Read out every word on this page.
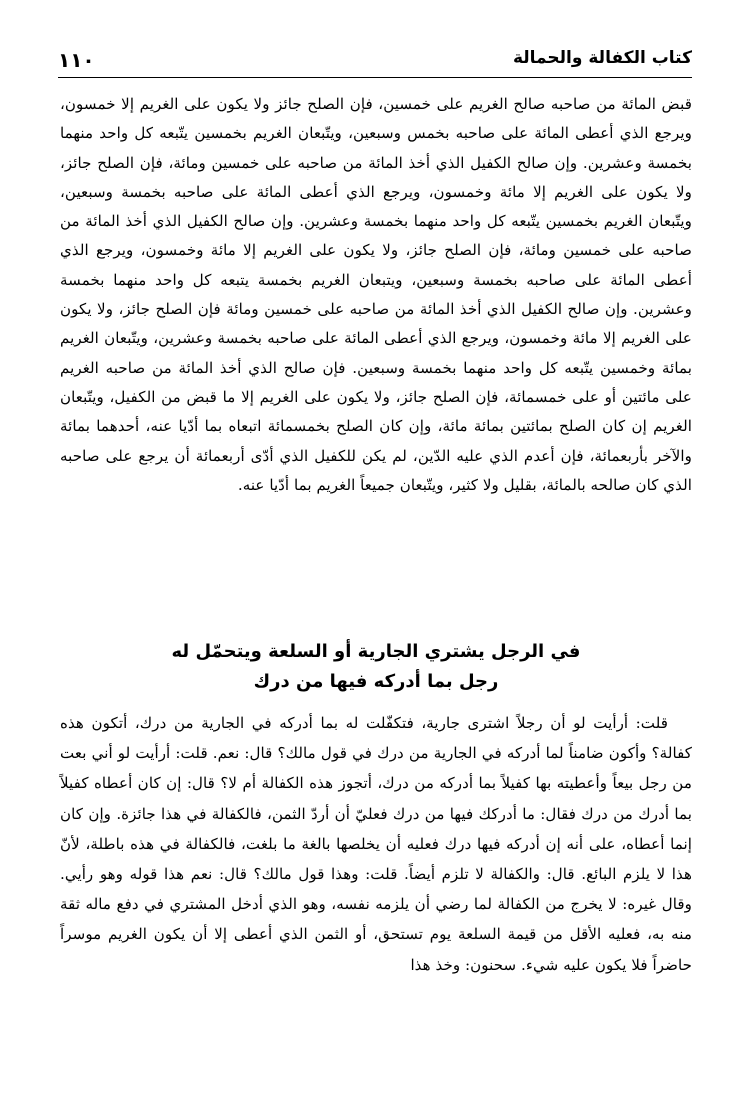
كتاب الكفالة والحمالة
١١٠

قبض المائة من صاحبه صالح الغريم على خمسين، فإن الصلح جائز ولا يكون على الغريم إلا خمسون، ويرجع الذي أعطى المائة على صاحبه بخمس وسبعين، ويتّبعان الغريم بخمسين يتّبعه كل واحد منهما بخمسة وعشرين. وإن صالح الكفيل الذي أخذ المائة من صاحبه على خمسين ومائة، فإن الصلح جائز، ولا يكون على الغريم إلا مائة وخمسون، ويرجع الذي أعطى المائة على صاحبه بخمسة وسبعين، ويتّبعان الغريم بخمسين يتّبعه كل واحد منهما بخمسة وعشرين. وإن صالح الكفيل الذي أخذ المائة من صاحبه على خمسين ومائة، فإن الصلح جائز، ولا يكون على الغريم إلا مائة وخمسون، ويرجع الذي أعطى المائة على صاحبه بخمسة وسبعين، ويتبعان الغريم بخمسة يتبعه كل واحد منهما بخمسة وعشرين. وإن صالح الكفيل الذي أخذ المائة من صاحبه على خمسين ومائة فإن الصلح جائز، ولا يكون على الغريم إلا مائة وخمسون، ويرجع الذي أعطى المائة على صاحبه بخمسة وعشرين، ويتّبعان الغريم بمائة وخمسين يتّبعه كل واحد منهما بخمسة وسبعين. فإن صالح الذي أخذ المائة من صاحبه الغريم على مائتين أو على خمسمائة، فإن الصلح جائز، ولا يكون على الغريم إلا ما قبض من الكفيل، ويتّبعان الغريم إن كان الصلح بمائتين بمائة مائة، وإن كان الصلح بخمسمائة اتبعاه بما أدّيا عنه، أحدهما بمائة والآخر بأربعمائة، فإن أعدم الذي عليه الدّين، لم يكن للكفيل الذي أدّى أربعمائة أن يرجع على صاحبه الذي كان صالحه بالمائة، بقليل ولا كثير، ويتّبعان جميعاً الغريم بما أدّيا عنه.

في الرجل يشتري الجارية أو السلعة ويتحمّل له
رجل بما أدركه فيها من درك

قلت: أرأيت لو أن رجلاً اشترى جارية، فتكفّلت له بما أدركه في الجارية من درك، أتكون هذه كفالة؟ وأكون ضامناً لما أدركه في الجارية من درك في قول مالك؟ قال: نعم. قلت: أرأيت لو أني بعت من رجل بيعاً وأعطيته بها كفيلاً بما أدركه من درك، أتجوز هذه الكفالة أم لا؟ قال: إن كان أعطاه كفيلاً بما أدرك من درك فقال: ما أدركك فيها من درك فعليّ أن أردّ الثمن، فالكفالة في هذا جائزة. وإن كان إنما أعطاه، على أنه إن أدركه فيها درك فعليه أن يخلصها بالغة ما بلغت، فالكفالة في هذه باطلة، لأنّ هذا لا يلزم البائع. قال: والكفالة لا تلزم أيضاً. قلت: وهذا قول مالك؟ قال: نعم هذا قوله وهو رأيي. وقال غيره: لا يخرج من الكفالة لما رضي أن يلزمه نفسه، وهو الذي أدخل المشتري في دفع ماله ثقة منه به، فعليه الأقل من قيمة السلعة يوم تستحق، أو الثمن الذي أعطى إلا أن يكون الغريم موسراً حاضراً فلا يكون عليه شيء. سحنون: وخذ هذا
